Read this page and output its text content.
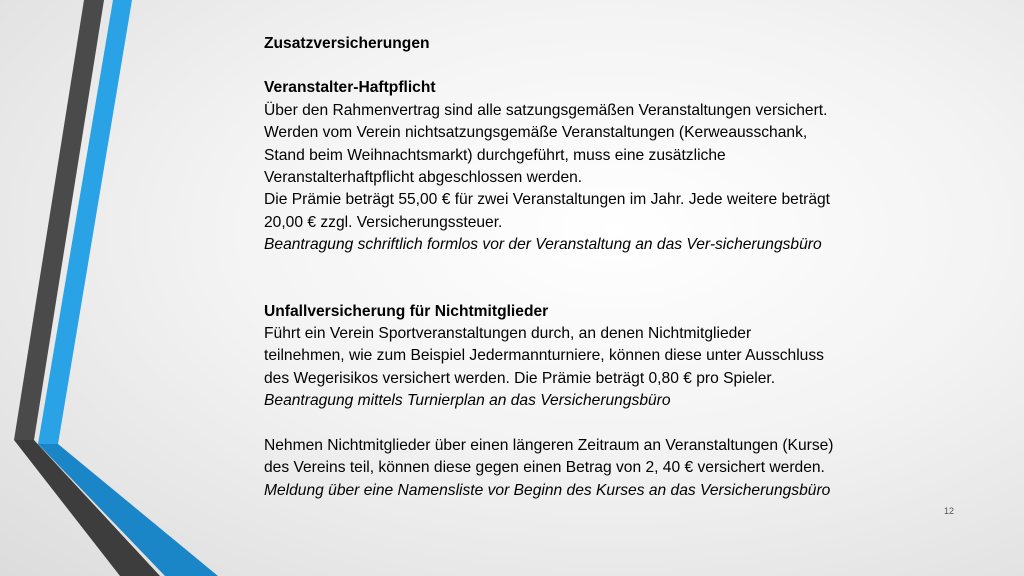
Zusatzversicherungen

Veranstalter-Haftpflicht

Über den Rahmenvertrag sind alle satzungsgemäßen Veranstaltungen versichert.

Werden vom Verein nichtsatzungsgemäße Veranstaltungen (Kerweausschank,

Stand beim Weihnachtsmarkt) durchgeführt, muss eine zusätzliche

Veranstalterhaftpflicht abgeschlossen werden.

Die Prämie beträgt 55,00 € für zwei Veranstaltungen im Jahr. Jede weitere beträgt

20,00 € zzgl. Versicherungssteuer.

Beantragung schriftlich formlos vor der Veranstaltung an das Ver-sicherungsbüro

Unfallversicherung für Nichtmitglieder

Führt ein Verein Sportveranstaltungen durch, an denen Nichtmitglieder

teilnehmen, wie zum Beispiel Jedermannturniere, können diese unter Ausschluss

des Wegerisikos versichert werden. Die Prämie beträgt 0,80 € pro Spieler.

Beantragung mittels Turnierplan an das Versicherungsbüro

Nehmen Nichtmitglieder über einen längeren Zeitraum an Veranstaltungen (Kurse)

des Vereins teil, können diese gegen einen Betrag von 2, 40 € versichert werden.

Meldung über eine Namensliste vor Beginn des Kurses an das Versicherungsbüro

12
